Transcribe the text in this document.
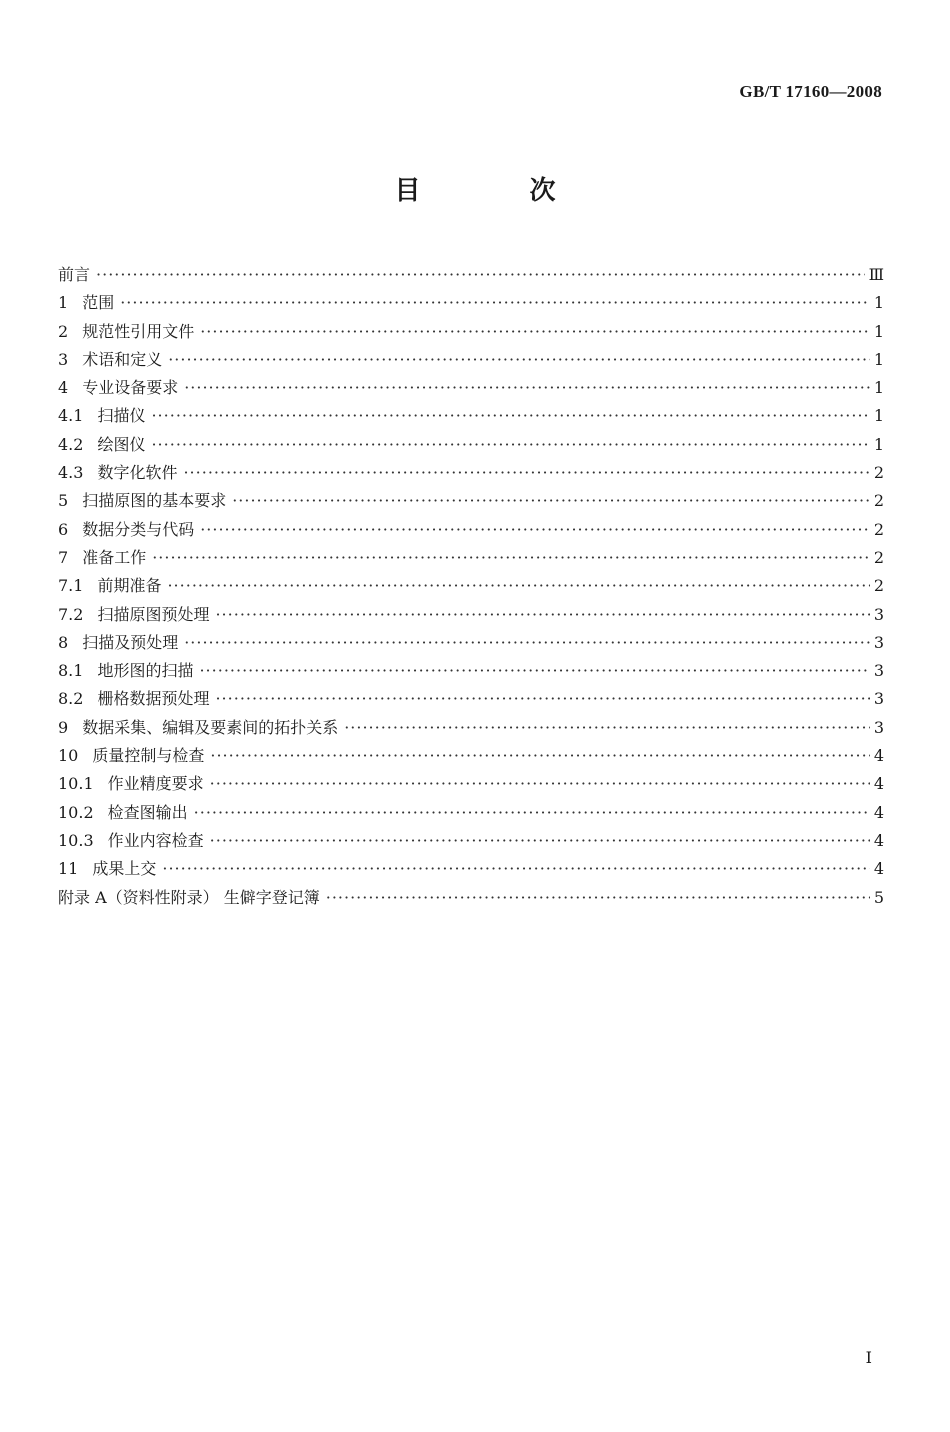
GB/T 17160—2008
目 次
前言 ·····	Ⅲ
1 范围 ·····	1
2 规范性引用文件 ·····	1
3 术语和定义 ·····	1
4 专业设备要求 ·····	1
4.1 扫描仪 ·····	1
4.2 绘图仪 ·····	1
4.3 数字化软件 ·····	2
5 扫描原图的基本要求 ·····	2
6 数据分类与代码 ·····	2
7 准备工作 ·····	2
7.1 前期准备 ·····	2
7.2 扫描原图预处理 ·····	3
8 扫描及预处理 ·····	3
8.1 地形图的扫描 ·····	3
8.2 栅格数据预处理 ·····	3
9 数据采集、编辑及要素间的拓扑关系 ·····	3
10 质量控制与检查 ·····	4
10.1 作业精度要求 ·····	4
10.2 检查图输出 ·····	4
10.3 作业内容检查 ·····	4
11 成果上交 ·····	4
附录 A（资料性附录） 生僻字登记簿 ·····	5
I
